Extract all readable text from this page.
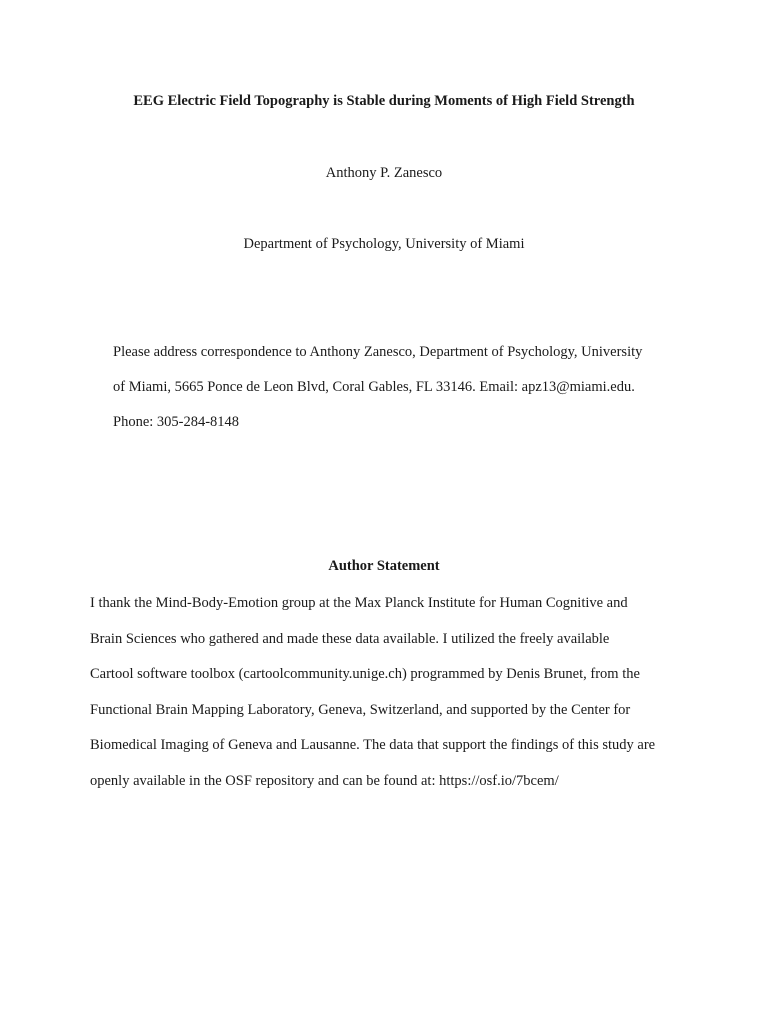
EEG Electric Field Topography is Stable during Moments of High Field Strength
Anthony P. Zanesco
Department of Psychology, University of Miami
Please address correspondence to Anthony Zanesco, Department of Psychology, University
of Miami, 5665 Ponce de Leon Blvd, Coral Gables, FL 33146. Email: apz13@miami.edu.
Phone: 305-284-8148
Author Statement
I thank the Mind-Body-Emotion group at the Max Planck Institute for Human Cognitive and
Brain Sciences who gathered and made these data available. I utilized the freely available
Cartool software toolbox (cartoolcommunity.unige.ch) programmed by Denis Brunet, from the
Functional Brain Mapping Laboratory, Geneva, Switzerland, and supported by the Center for
Biomedical Imaging of Geneva and Lausanne. The data that support the findings of this study are
openly available in the OSF repository and can be found at: https://osf.io/7bcem/
